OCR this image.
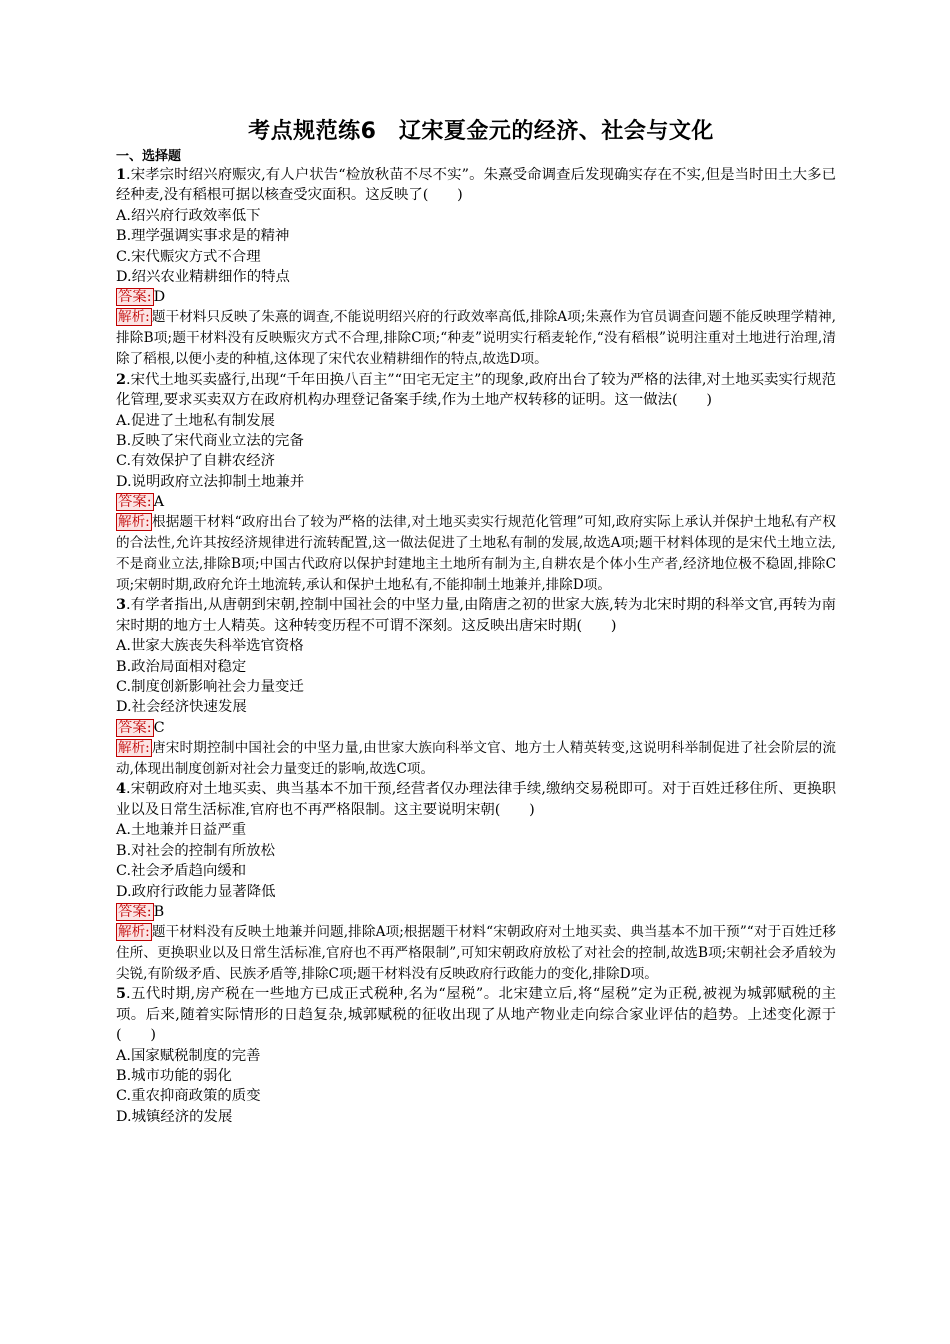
考点规范练6　辽宋夏金元的经济、社会与文化
一、选择题
1.宋孝宗时绍兴府赈灾,有人户状告“检放秋苗不尽不实”。朱熹受命调查后发现确实存在不实,但是当时田土大多已经种麦,没有稻根可据以核查受灾面积。这反映了(　　)
A.绍兴府行政效率低下
B.理学强调实事求是的精神
C.宋代赈灾方式不合理
D.绍兴农业精耕细作的特点
答案: D
解析: 题干材料只反映了朱熹的调查,不能说明绍兴府的行政效率高低,排除A项;朱熹作为官员调查问题不能反映理学精神,排除B项;题干材料没有反映赈灾方式不合理,排除C项;“种麦”说明实行稻麦轮作,“没有稻根”说明注重对土地进行治理,清除了稻根,以便小麦的种植,这体现了宋代农业精耕细作的特点,故选D项。
2.宋代土地买卖盛行,出现“千年田换八百主”“田宅无定主”的现象,政府出台了较为严格的法律,对土地买卖实行规范化管理,要求买卖双方在政府机构办理登记备案手续,作为土地产权转移的证明。这一做法(　　)
A.促进了土地私有制发展
B.反映了宋代商业立法的完备
C.有效保护了自耕农经济
D.说明政府立法抑制土地兼并
答案: A
解析: 根据题干材料“政府出台了较为严格的法律,对土地买卖实行规范化管理”可知,政府实际上承认并保护土地私有产权的合法性,允许其按经济规律进行流转配置,这一做法促进了土地私有制的发展,故选A项;题干材料体现的是宋代土地立法,不是商业立法,排除B项;中国古代政府以保护封建地主土地所有制为主,自耕农是个体小生产者,经济地位极不稳固,排除C项;宋朝时期,政府允许土地流转,承认和保护土地私有,不能抑制土地兼并,排除D项。
3.有学者指出,从唐朝到宋朝,控制中国社会的中坚力量,由隋唐之初的世家大族,转为北宋时期的科举文官,再转为南宋时期的地方士人精英。这种转变历程不可谓不深刻。这反映出唐宋时期(　　)
A.世家大族丧失科举选官资格
B.政治局面相对稳定
C.制度创新影响社会力量变迁
D.社会经济快速发展
答案: C
解析: 唐宋时期控制中国社会的中坚力量,由世家大族向科举文官、地方士人精英转变,这说明科举制促进了社会阶层的流动,体现出制度创新对社会力量变迁的影响,故选C项。
4.宋朝政府对土地买卖、典当基本不加干预,经营者仅办理法律手续,缴纳交易税即可。对于百姓迁移住所、更换职业以及日常生活标准,官府也不再严格限制。这主要说明宋朝(　　)
A.土地兼并日益严重
B.对社会的控制有所放松
C.社会矛盾趋向缓和
D.政府行政能力显著降低
答案: B
解析: 题干材料没有反映土地兼并问题,排除A项;根据题干材料“宋朝政府对土地买卖、典当基本不加干预”“对于百姓迁移住所、更换职业以及日常生活标准,官府也不再严格限制”,可知宋朝政府放松了对社会的控制,故选B项;宋朝社会矛盾较为尖锐,有阶级矛盾、民族矛盾等,排除C项;题干材料没有反映政府行政能力的变化,排除D项。
5.五代时期,房产税在一些地方已成正式税种,名为“屋税”。北宋建立后,将“屋税”定为正税,被视为城郭赋税的主项。后来,随着实际情形的日趋复杂,城郭赋税的征收出现了从地产物业走向综合家业评估的趋势。上述变化源于(　　)
A.国家赋税制度的完善
B.城市功能的弱化
C.重农抑商政策的质变
D.城镇经济的发展
